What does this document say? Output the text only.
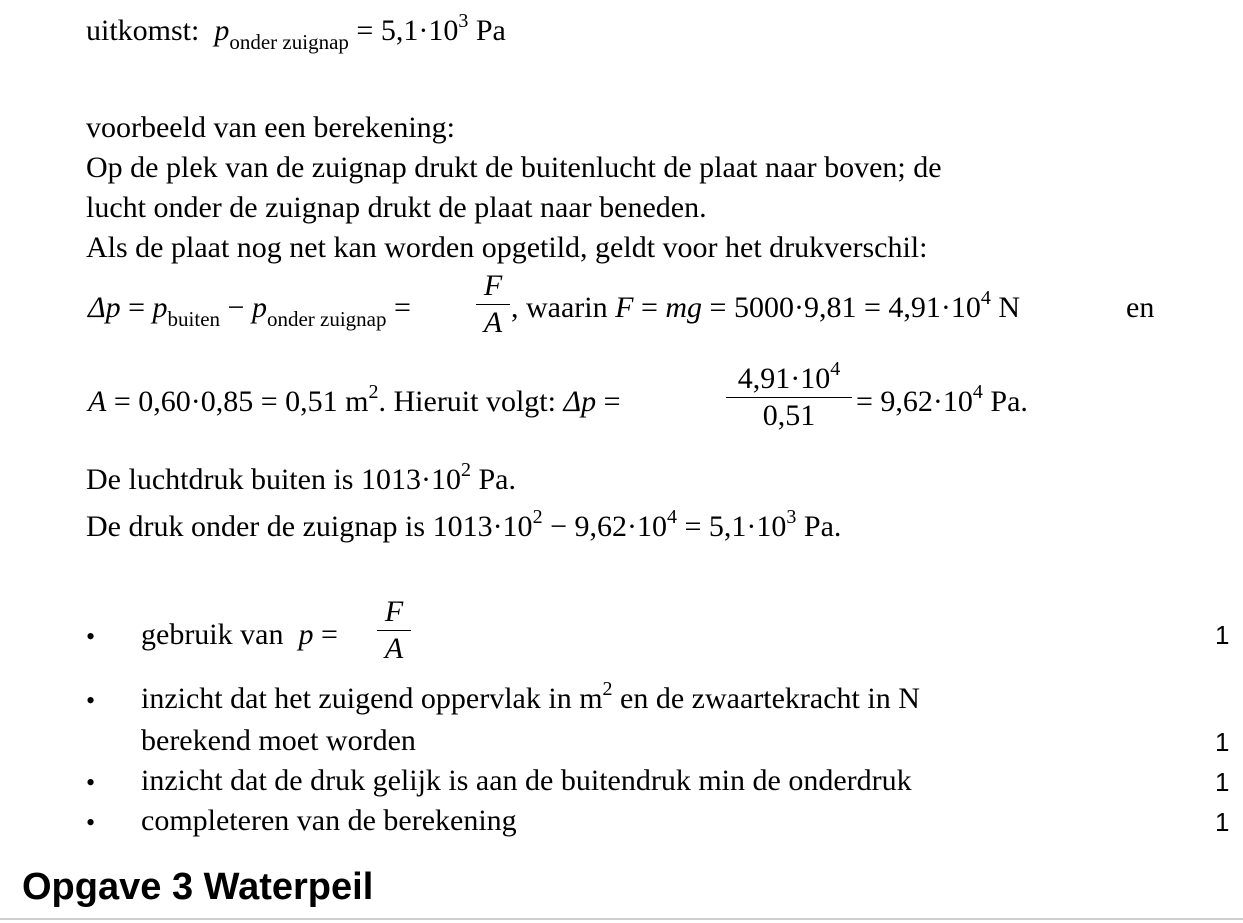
uitkomst: $p_{onder zuignap} = 5,1\cdot 10^3$ Pa
voorbeeld van een berekening:
Op de plek van de zuignap drukt de buitenlucht de plaat naar boven; de
lucht onder de zuignap drukt de plaat naar beneden.
Als de plaat nog net kan worden opgetild, geldt voor het drukverschil:
$\Delta p = p_{buiten} - p_{onder zuignap}$ =
F
A , waarin F = mg = $5000\cdot 9,81 = 4,91\cdot 10^4$ N	en
A = 0,60·0,85 = 0,51 $m^2$. Hieruit volgt: Δp =
$4,91\cdot 10^4$
0,51	= $9,62\cdot 10^4$ Pa.
De luchtdruk buiten is $1013\cdot 10^2$ Pa.
De druk onder de zuignap is $1013\cdot 10^2 - 9,62\cdot 10^4 = 5,1\cdot 10^3$ Pa.
• gebruik van  p =
F
A	1
• inzicht dat het zuigend oppervlak in $m^2$ en de zwaartekracht in N
berekend moet worden	1
• inzicht dat de druk gelijk is aan de buitendruk min de onderdruk	1
• completeren van de berekening	1
Opgave 3 Waterpeil
